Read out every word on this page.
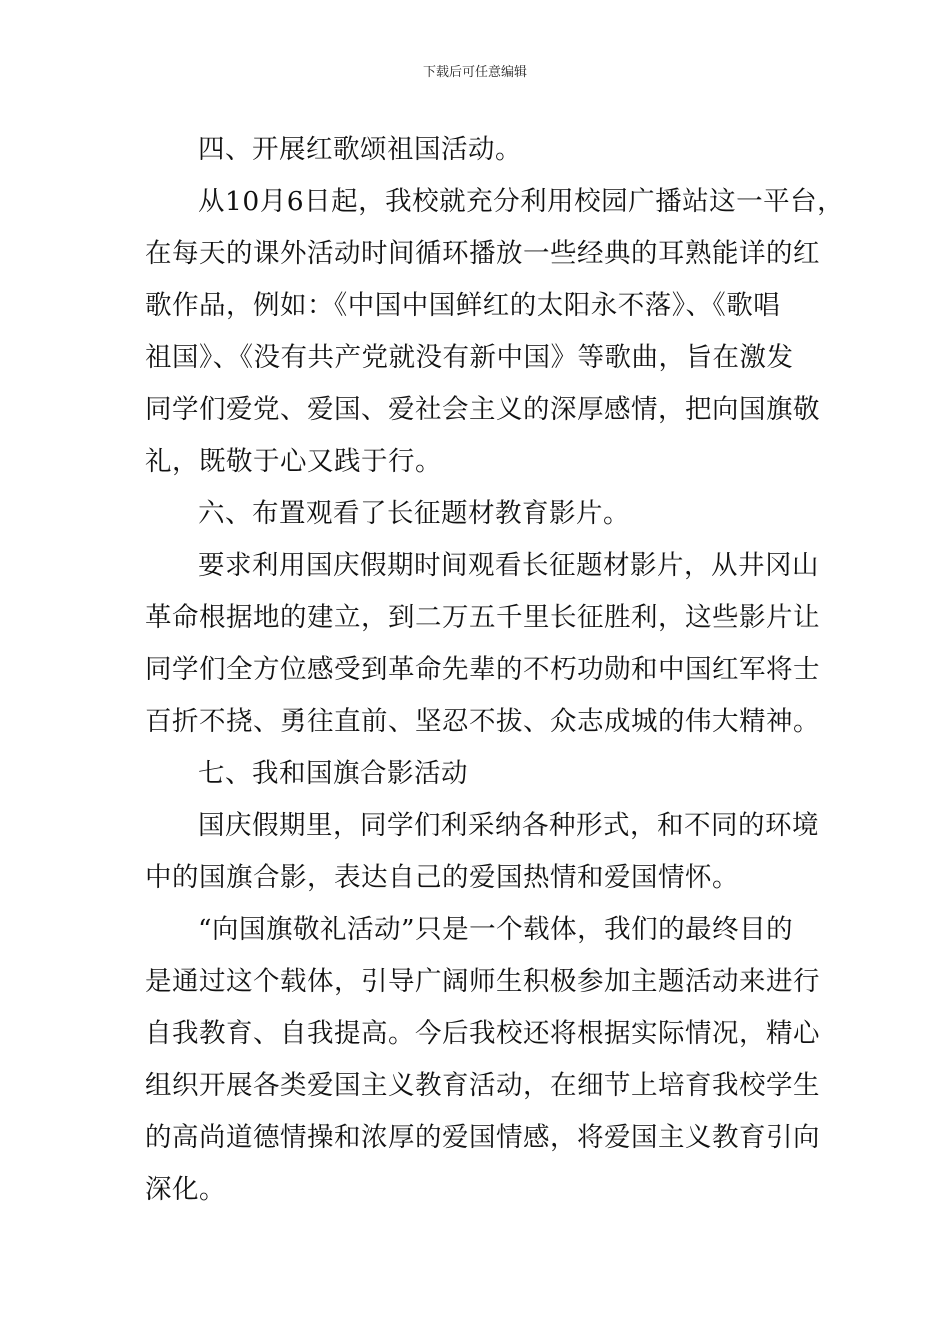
下载后可任意编辑
四、开展红歌颂祖国活动。
从10月6日起，我校就充分利用校园广播站这一平台，
在每天的课外活动时间循环播放一些经典的耳熟能详的红
歌作品，例如：《中国中国鲜红的太阳永不落》、《歌唱
祖国》、《没有共产党就没有新中国》等歌曲，旨在激发
同学们爱党、爱国、爱社会主义的深厚感情，把向国旗敬
礼，既敬于心又践于行。
六、布置观看了长征题材教育影片。
要求利用国庆假期时间观看长征题材影片，从井冈山
革命根据地的建立，到二万五千里长征胜利，这些影片让
同学们全方位感受到革命先辈的不朽功勋和中国红军将士
百折不挠、勇往直前、坚忍不拔、众志成城的伟大精神。
七、我和国旗合影活动
国庆假期里，同学们利采纳各种形式，和不同的环境
中的国旗合影，表达自己的爱国热情和爱国情怀。
“向国旗敬礼活动”只是一个载体，我们的最终目的
是通过这个载体，引导广阔师生积极参加主题活动来进行
自我教育、自我提高。今后我校还将根据实际情况，精心
组织开展各类爱国主义教育活动，在细节上培育我校学生
的高尚道德情操和浓厚的爱国情感，将爱国主义教育引向
深化。
